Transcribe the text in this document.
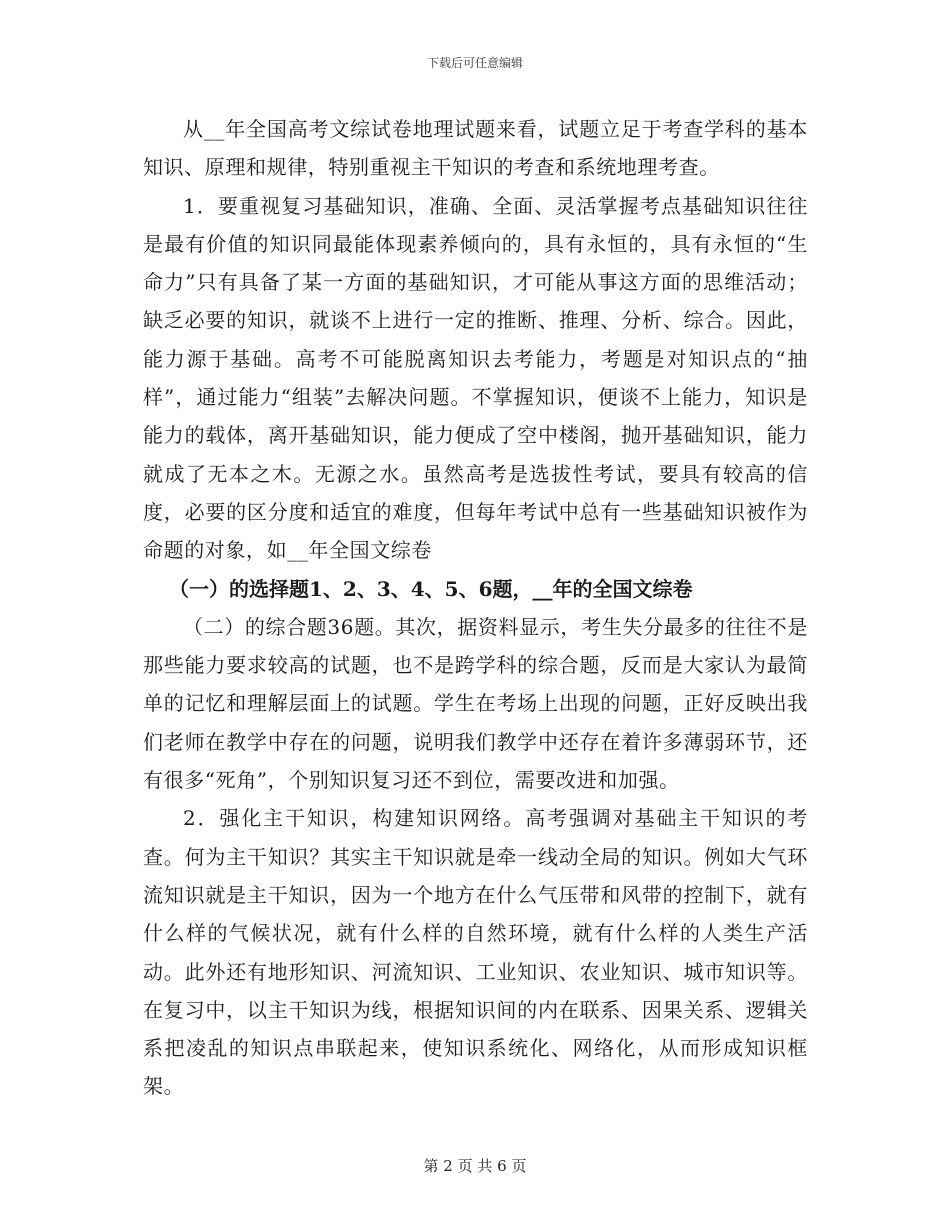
下载后可任意编辑

从__年全国高考文综试卷地理试题来看，试题立足于考查学科的基本知识、原理和规律，特别重视主干知识的考查和系统地理考查。

1．要重视复习基础知识，准确、全面、灵活掌握考点基础知识往往是最有价值的知识同最能体现素养倾向的，具有永恒的，具有永恒的“生命力”只有具备了某一方面的基础知识，才可能从事这方面的思维活动；缺乏必要的知识，就谈不上进行一定的推断、推理、分析、综合。因此，能力源于基础。高考不可能脱离知识去考能力，考题是对知识点的“抽样”，通过能力“组装”去解决问题。不掌握知识，便谈不上能力，知识是能力的载体，离开基础知识，能力便成了空中楼阁，抛开基础知识，能力就成了无本之木。无源之水。虽然高考是选拔性考试，要具有较高的信度，必要的区分度和适宜的难度，但每年考试中总有一些基础知识被作为命题的对象，如__年全国文综卷

（一）的选择题1、2、3、4、5、6题，__年的全国文综卷

（二）的综合题36题。其次，据资料显示，考生失分最多的往往不是那些能力要求较高的试题，也不是跨学科的综合题，反而是大家认为最简单的记忆和理解层面上的试题。学生在考场上出现的问题，正好反映出我们老师在教学中存在的问题，说明我们教学中还存在着许多薄弱环节，还有很多“死角”，个别知识复习还不到位，需要改进和加强。

2．强化主干知识，构建知识网络。高考强调对基础主干知识的考查。何为主干知识？其实主干知识就是牵一线动全局的知识。例如大气环流知识就是主干知识，因为一个地方在什么气压带和风带的控制下，就有什么样的气候状况，就有什么样的自然环境，就有什么样的人类生产活动。此外还有地形知识、河流知识、工业知识、农业知识、城市知识等。在复习中，以主干知识为线，根据知识间的内在联系、因果关系、逻辑关系把凌乱的知识点串联起来，使知识系统化、网络化，从而形成知识框架。

第 2 页 共 6 页
